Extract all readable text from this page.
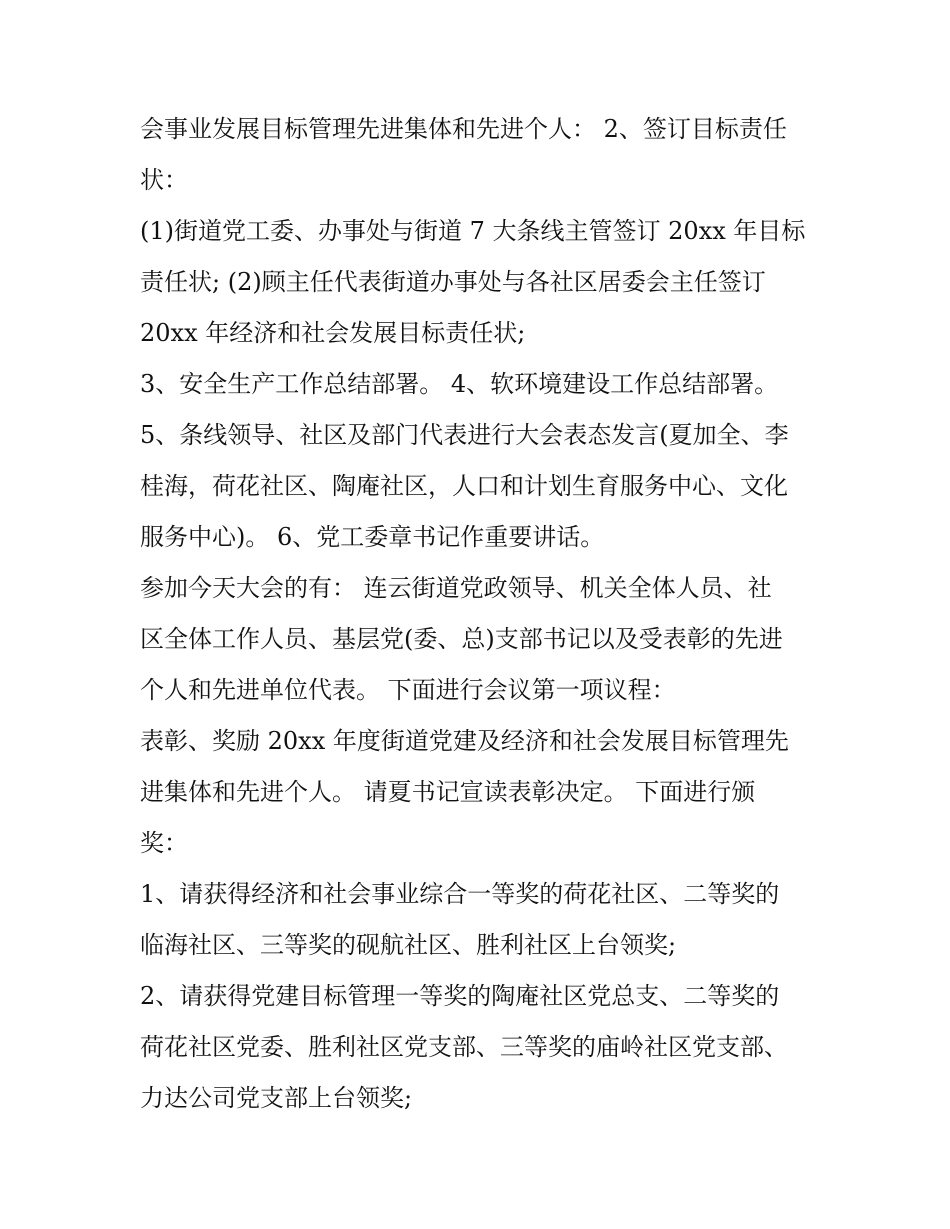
会事业发展目标管理先进集体和先进个人： 2、签订目标责任
状：
(1)街道党工委、办事处与街道 7 大条线主管签订 20xx 年目标
责任状; (2)顾主任代表街道办事处与各社区居委会主任签订
20xx 年经济和社会发展目标责任状;
3、安全生产工作总结部署。 4、软环境建设工作总结部署。
5、条线领导、社区及部门代表进行大会表态发言(夏加全、李
桂海，荷花社区、陶庵社区，人口和计划生育服务中心、文化
服务中心)。 6、党工委章书记作重要讲话。
参加今天大会的有： 连云街道党政领导、机关全体人员、社
区全体工作人员、基层党(委、总)支部书记以及受表彰的先进
个人和先进单位代表。 下面进行会议第一项议程：
表彰、奖励 20xx 年度街道党建及经济和社会发展目标管理先
进集体和先进个人。 请夏书记宣读表彰决定。 下面进行颁
奖：
1、请获得经济和社会事业综合一等奖的荷花社区、二等奖的
临海社区、三等奖的砚航社区、胜利社区上台领奖;
2、请获得党建目标管理一等奖的陶庵社区党总支、二等奖的
荷花社区党委、胜利社区党支部、三等奖的庙岭社区党支部、
力达公司党支部上台领奖;
